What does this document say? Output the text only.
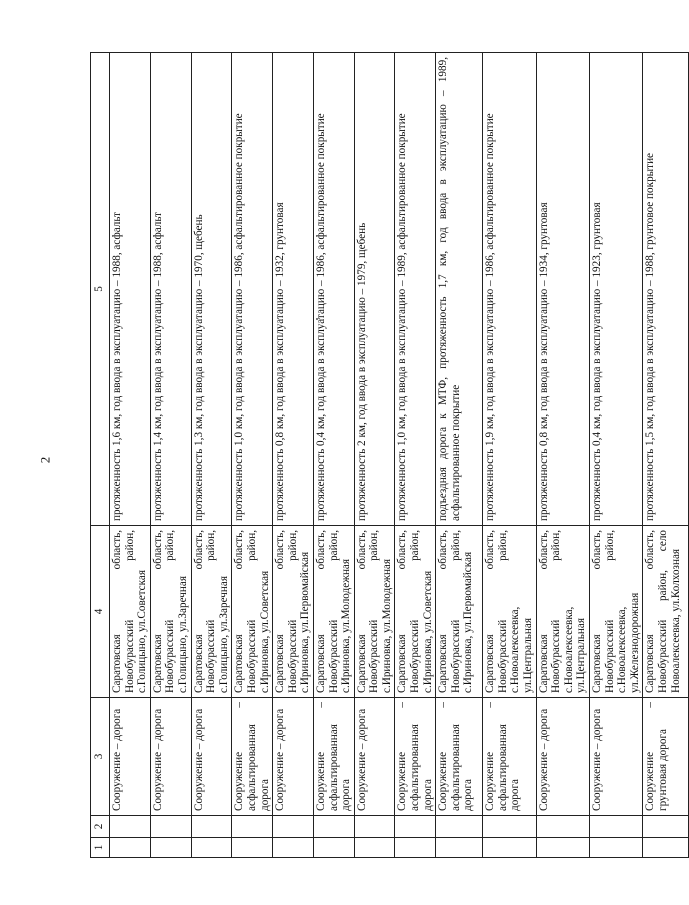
2
1	2	3	4	5
		Сооружение – дорога	Саратовская область, Новобурасский район, с.Голицыно, ул.Советская	протяженность 1,6 км, год ввода в эксплуатацию – 1988, асфальт
		Сооружение – дорога	Саратовская область, Новобурасский район, с.Голицыно, ул.Заречная	протяженность 1,4 км, год ввода в эксплуатацию – 1988, асфальт
		Сооружение – дорога	Саратовская область, Новобурасский район, с.Голицыно, ул.Заречная	протяженность 1,3 км, год ввода в эксплуатацию – 1970, щебень
		Сооружение – асфальтированная дорога	Саратовская область, Новобурасский район, с.Ириновка, ул.Советская	протяженность 1,0 км, год ввода в эксплуатацию – 1986, асфальтированное покрытие
		Сооружение – дорога	Саратовская область, Новобурасский район, с.Ириновка, ул.Первомайская	протяженность 0,8 км, год ввода в эксплуатацию – 1932, грунтовая
		Сооружение – асфальтированная дорога	Саратовская область, Новобурасский район, с.Ириновка, ул.Молодежная	протяженность 0,4 км, год ввода в эксплуатацию – 1986, асфальтированное покрытие
		Сооружение – дорога	Саратовская область, Новобурасский район, с.Ириновка, ул.Молодежная	протяженность 2 км, год ввода в эксплуатацию – 1979, щебень
		Сооружение – асфальтированная дорога	Саратовская область, Новобурасский район, с.Ириновка, ул.Советская	протяженность 1,0 км, год ввода в эксплуатацию – 1989, асфальтированное покрытие
		Сооружение – асфальтированная дорога	Саратовская область, Новобурасский район, с.Ириновка, ул.Первомайская	подъездная дорога к МТФ, протяженность 1,7 км, год ввода в эксплуатацию – 1989, асфальтированное покрытие
		Сооружение – асфальтированная дорога	Саратовская область, Новобурасский район, с.Новоалексеевка, ул.Центральная	протяженность 1,9 км, год ввода в эксплуатацию – 1986, асфальтированное покрытие
		Сооружение – дорога	Саратовская область, Новобурасский район, с.Новоалексеевка, ул.Центральная	протяженность 0,8 км, год ввода в эксплуатацию – 1934, грунтовая
		Сооружение – дорога	Саратовская область, Новобурасский район, с.Новоалексеевка, ул.Железнодорожная	протяженность 0,4 км, год ввода в эксплуатацию – 1923, грунтовая
		Сооружение – грунтовая дорога	Саратовская область, Новобурасский район, село Новоалексеевка, ул.Колхозная	протяженность 1,5 км, год ввода в эксплуатацию – 1988, грунтовое покрытие
